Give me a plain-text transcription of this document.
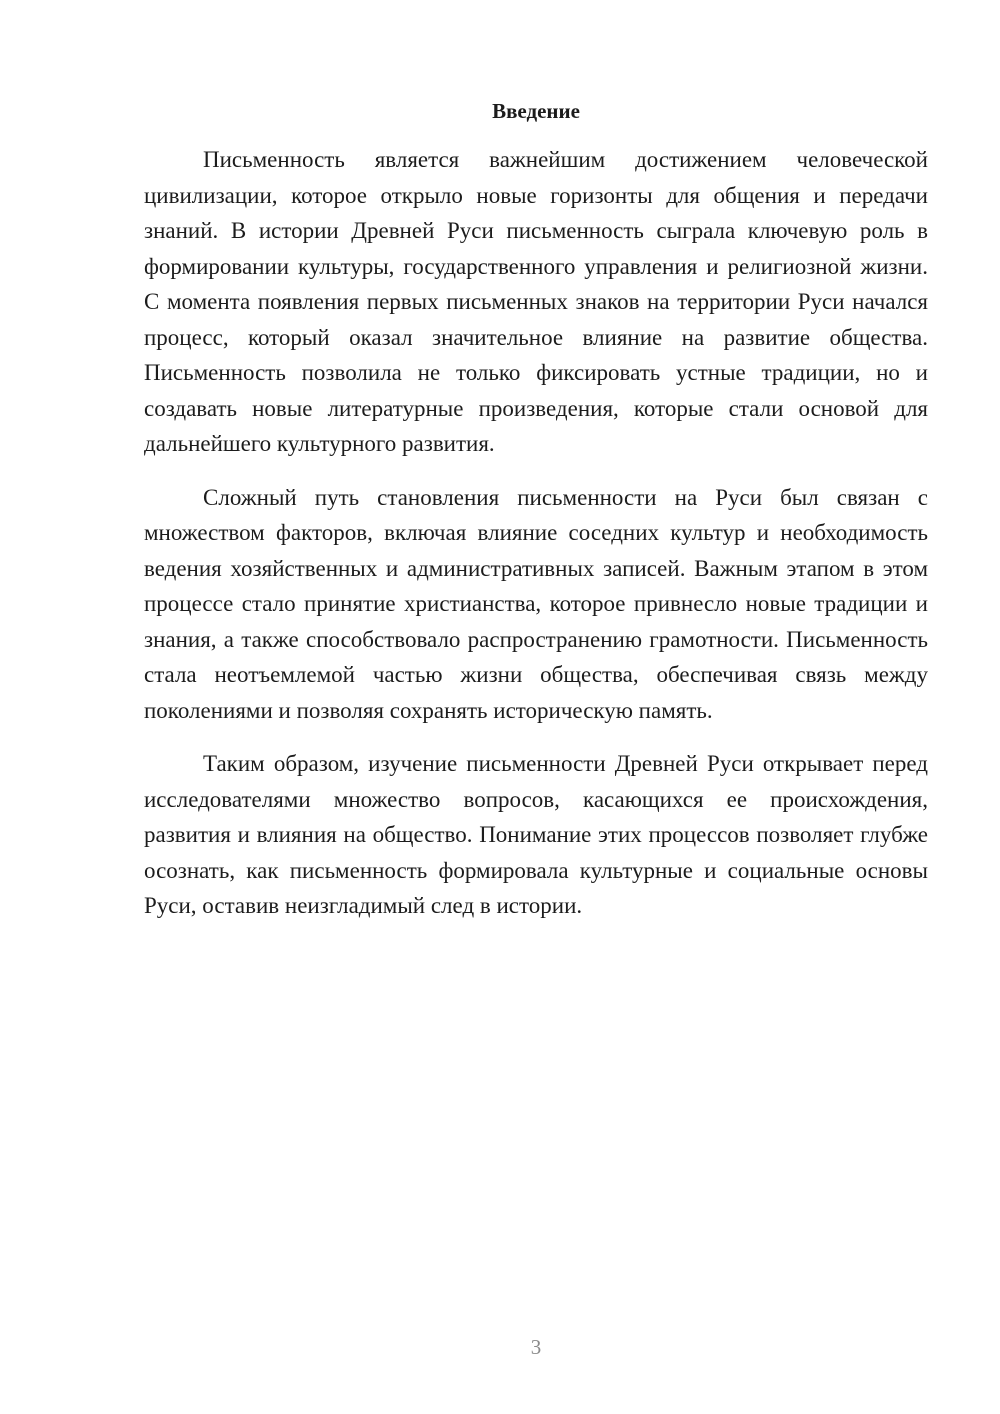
Введение

Письменность является важнейшим достижением человеческой цивилизации, которое открыло новые горизонты для общения и передачи знаний. В истории Древней Руси письменность сыграла ключевую роль в формировании культуры, государственного управления и религиозной жизни. С момента появления первых письменных знаков на территории Руси начался процесс, который оказал значительное влияние на развитие общества. Письменность позволила не только фиксировать устные традиции, но и создавать новые литературные произведения, которые стали основой для дальнейшего культурного развития.

Сложный путь становления письменности на Руси был связан с множеством факторов, включая влияние соседних культур и необходимость ведения хозяйственных и административных записей. Важным этапом в этом процессе стало принятие христианства, которое привнесло новые традиции и знания, а также способствовало распространению грамотности. Письменность стала неотъемлемой частью жизни общества, обеспечивая связь между поколениями и позволяя сохранять историческую память.

Таким образом, изучение письменности Древней Руси открывает перед исследователями множество вопросов, касающихся ее происхождения, развития и влияния на общество. Понимание этих процессов позволяет глубже осознать, как письменность формировала культурные и социальные основы Руси, оставив неизгладимый след в истории.

3
